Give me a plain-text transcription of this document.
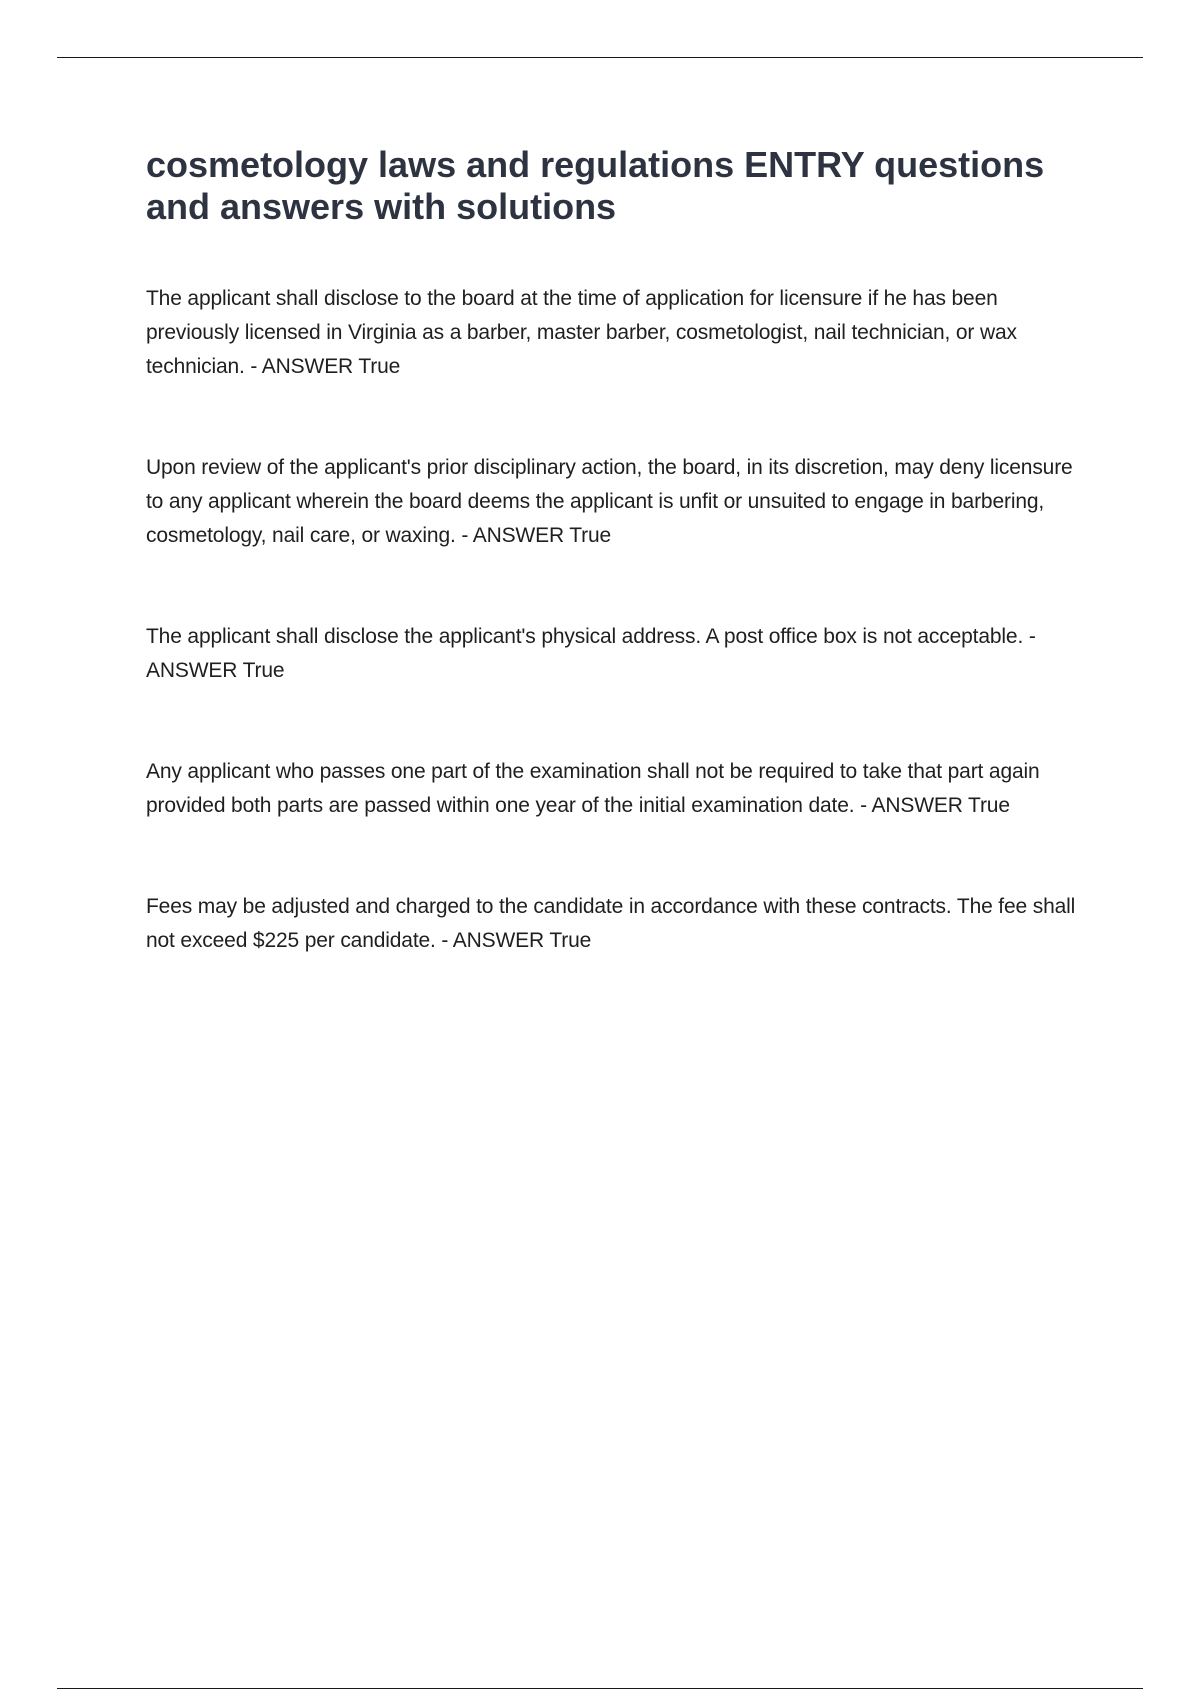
cosmetology laws and regulations ENTRY questions and answers with solutions

The applicant shall disclose to the board at the time of application for licensure if he has been previously licensed in Virginia as a barber, master barber, cosmetologist, nail technician, or wax technician. - ANSWER True

Upon review of the applicant's prior disciplinary action, the board, in its discretion, may deny licensure to any applicant wherein the board deems the applicant is unfit or unsuited to engage in barbering, cosmetology, nail care, or waxing. - ANSWER True

The applicant shall disclose the applicant's physical address. A post office box is not acceptable. - ANSWER True

Any applicant who passes one part of the examination shall not be required to take that part again provided both parts are passed within one year of the initial examination date. - ANSWER True

Fees may be adjusted and charged to the candidate in accordance with these contracts. The fee shall not exceed $225 per candidate. - ANSWER True
